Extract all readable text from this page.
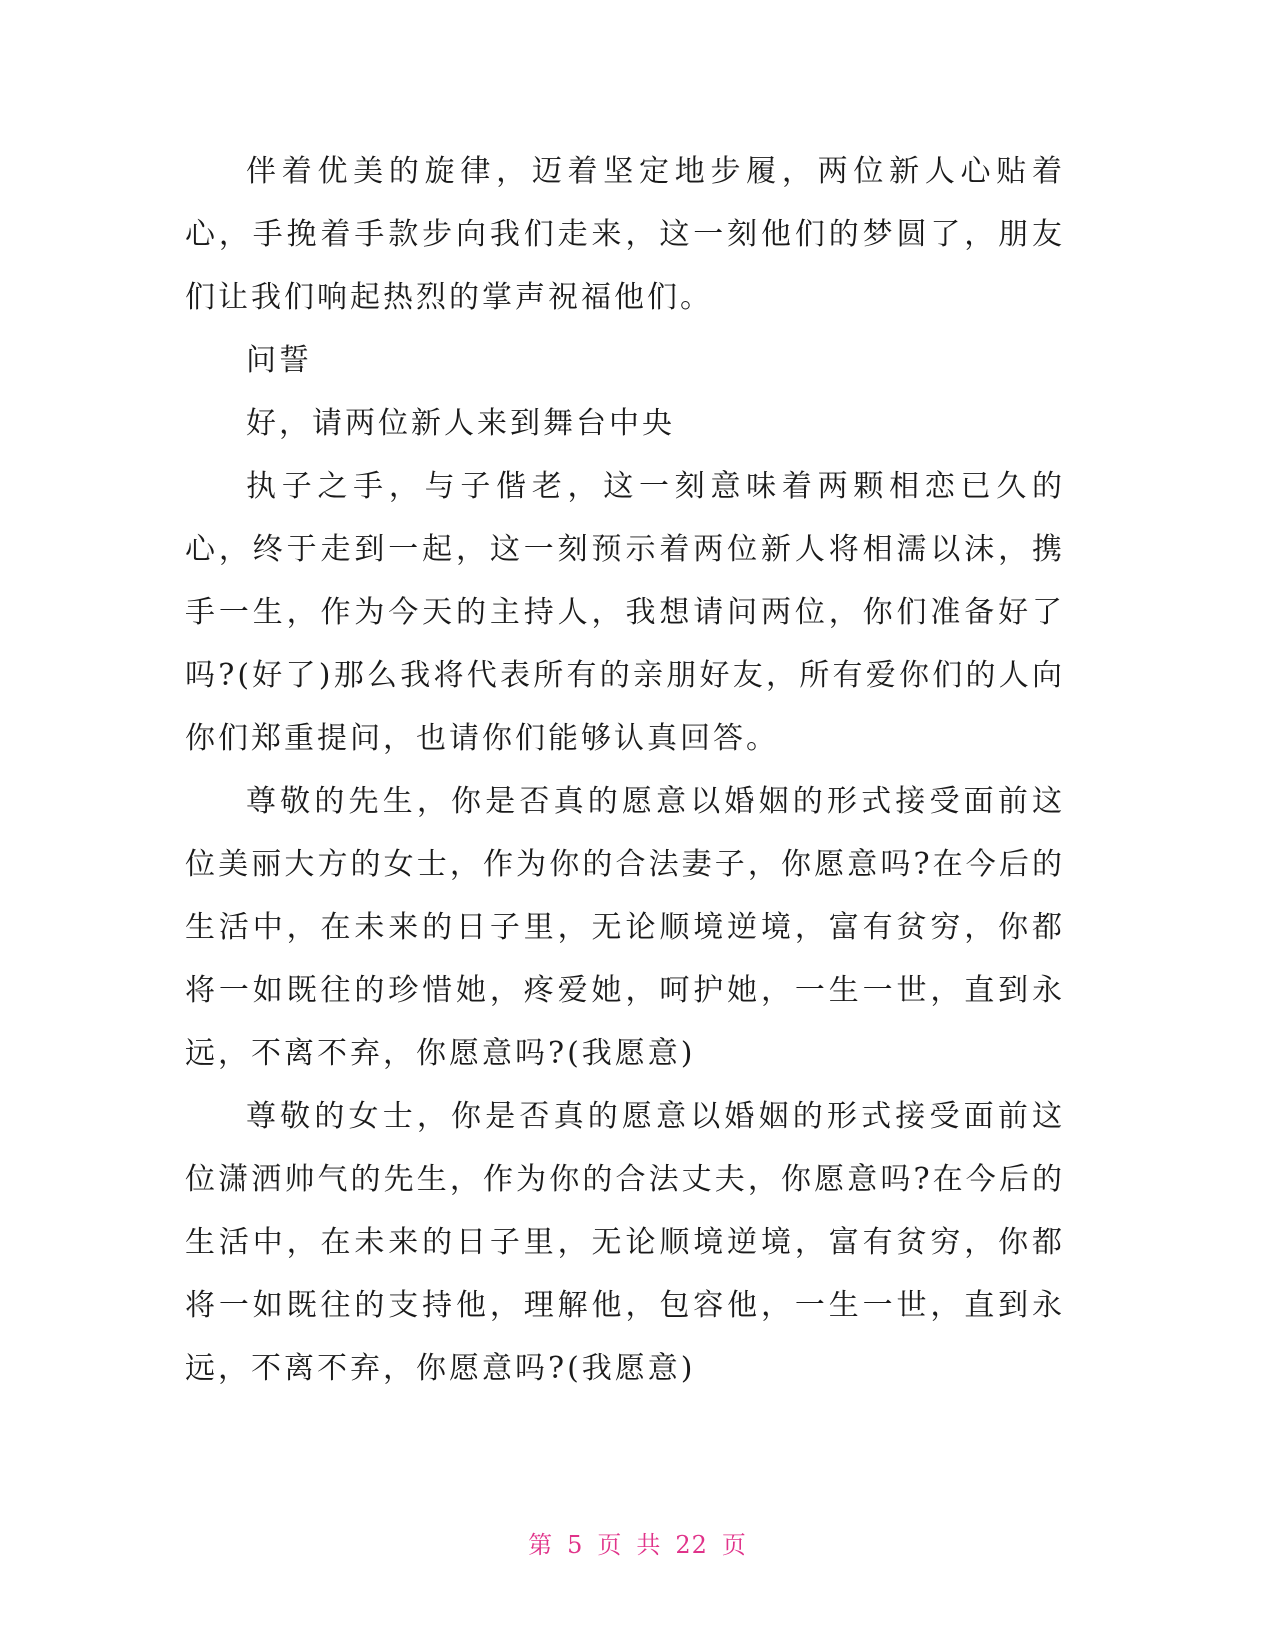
伴着优美的旋律，迈着坚定地步履，两位新人心贴着心，手挽着手款步向我们走来，这一刻他们的梦圆了，朋友们让我们响起热烈的掌声祝福他们。

问誓

好，请两位新人来到舞台中央

执子之手，与子偕老，这一刻意味着两颗相恋已久的心，终于走到一起，这一刻预示着两位新人将相濡以沫，携手一生，作为今天的主持人，我想请问两位，你们准备好了吗?(好了)那么我将代表所有的亲朋好友，所有爱你们的人向你们郑重提问，也请你们能够认真回答。

尊敬的先生，你是否真的愿意以婚姻的形式接受面前这位美丽大方的女士，作为你的合法妻子，你愿意吗?在今后的生活中，在未来的日子里，无论顺境逆境，富有贫穷，你都将一如既往的珍惜她，疼爱她，呵护她，一生一世，直到永远，不离不弃，你愿意吗?(我愿意)

尊敬的女士，你是否真的愿意以婚姻的形式接受面前这位潇洒帅气的先生，作为你的合法丈夫，你愿意吗?在今后的生活中，在未来的日子里，无论顺境逆境，富有贫穷，你都将一如既往的支持他，理解他，包容他，一生一世，直到永远，不离不弃，你愿意吗?(我愿意)

第 5 页 共 22 页
